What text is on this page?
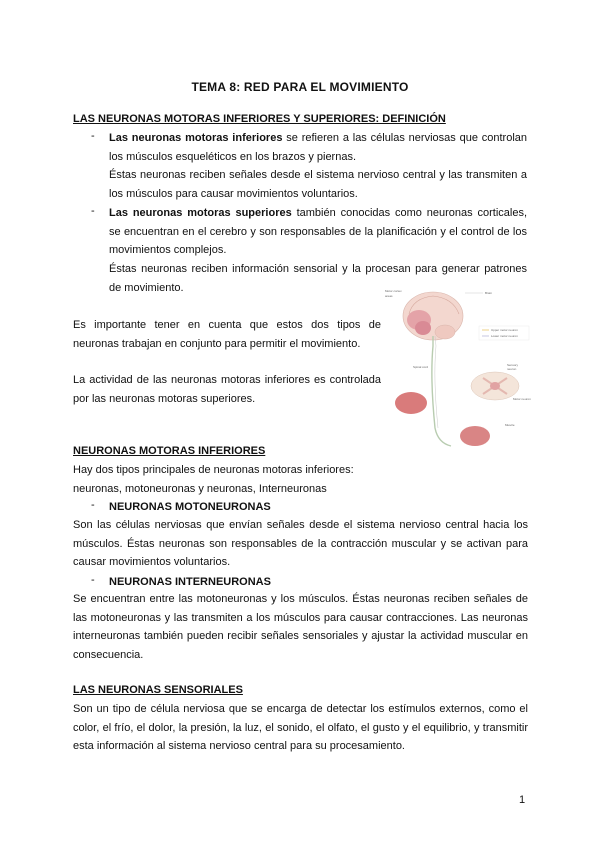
TEMA 8: RED PARA EL MOVIMIENTO
LAS NEURONAS MOTORAS INFERIORES Y SUPERIORES: DEFINICIÓN
- Las neuronas motoras inferiores se refieren a las células nerviosas que controlan los músculos esqueléticos en los brazos y piernas.
Éstas neuronas reciben señales desde el sistema nervioso central y las transmiten a los músculos para causar movimientos voluntarios.
- Las neuronas motoras superiores también conocidas como neuronas corticales, se encuentran en el cerebro y son responsables de la planificación y el control de los movimientos complejos.
Éstas neuronas reciben información sensorial y la procesan para generar patrones de movimiento.
Es importante tener en cuenta que estos dos tipos de neuronas trabajan en conjunto para permitir el movimiento.
La actividad de las neuronas motoras inferiores es controlada por las neuronas motoras superiores.
Brain
Motor cortex
areas
Upper motor neuron
Lower motor neuron
Spinal cord	Sensory
neuron
Motor neuron
Muscle
NEURONAS MOTORAS INFERIORES
Hay dos tipos principales de neuronas motoras inferiores:
neuronas, motoneuronas y neuronas, Interneuronas
- NEURONAS MOTONEURONAS
Son las células nerviosas que envían señales desde el sistema nervioso central hacia los músculos. Éstas neuronas son responsables de la contracción muscular y se activan para causar movimientos voluntarios.
- NEURONAS INTERNEURONAS
Se encuentran entre las motoneuronas y los músculos. Éstas neuronas reciben señales de las motoneuronas y las transmiten a los músculos para causar contracciones. Las neuronas interneuronas también pueden recibir señales sensoriales y ajustar la actividad muscular en consecuencia.
LAS NEURONAS SENSORIALES
Son un tipo de célula nerviosa que se encarga de detectar los estímulos externos, como el color, el frío, el dolor, la presión, la luz, el sonido, el olfato, el gusto y el equilibrio, y transmitir esta información al sistema nervioso central para su procesamiento.
1
